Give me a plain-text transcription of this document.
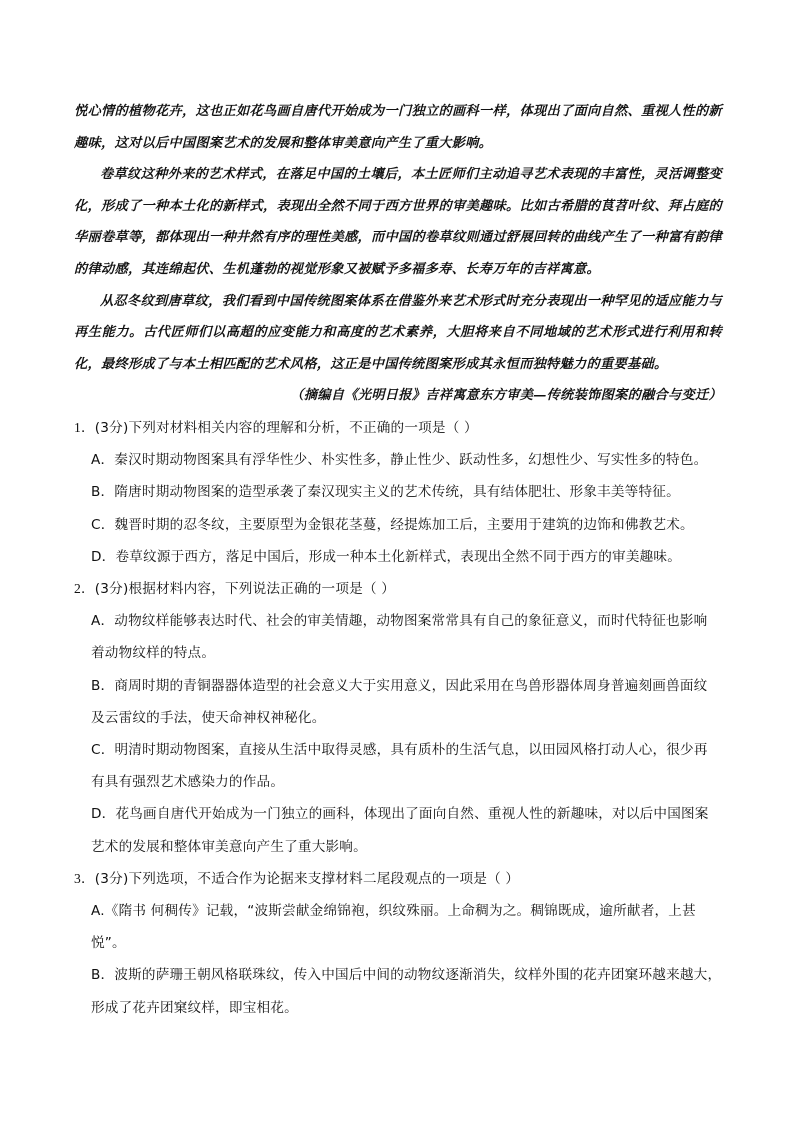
悦心情的植物花卉，这也正如花鸟画自唐代开始成为一门独立的画科一样，体现出了面向自然、重视人性的新趣味，这对以后中国图案艺术的发展和整体审美意向产生了重大影响。

卷草纹这种外来的艺术样式，在落足中国的土壤后，本土匠师们主动追寻艺术表现的丰富性，灵活调整变化，形成了一种本土化的新样式，表现出全然不同于西方世界的审美趣味。比如古希腊的茛苕叶纹、拜占庭的华丽卷草等，都体现出一种井然有序的理性美感，而中国的卷草纹则通过舒展回转的曲线产生了一种富有韵律的律动感，其连绵起伏、生机蓬勃的视觉形象又被赋予多福多寿、长寿万年的吉祥寓意。

从忍冬纹到唐草纹，我们看到中国传统图案体系在借鉴外来艺术形式时充分表现出一种罕见的适应能力与再生能力。古代匠师们以高超的应变能力和高度的艺术素养，大胆将来自不同地域的艺术形式进行利用和转化，最终形成了与本土相匹配的艺术风格，这正是中国传统图案形成其永恒而独特魅力的重要基础。

（摘编自《光明日报》吉祥寓意东方审美—传统装饰图案的融合与变迁）

1．(3分)下列对材料相关内容的理解和分析，不正确的一项是（ ）

A．秦汉时期动物图案具有浮华性少、朴实性多，静止性少、跃动性多，幻想性少、写实性多的特色。

B．隋唐时期动物图案的造型承袭了秦汉现实主义的艺术传统，具有结体肥壮、形象丰美等特征。

C．魏晋时期的忍冬纹，主要原型为金银花茎蔓，经提炼加工后，主要用于建筑的边饰和佛教艺术。

D．卷草纹源于西方，落足中国后，形成一种本土化新样式，表现出全然不同于西方的审美趣味。

2．(3分)根据材料内容，下列说法正确的一项是（ ）

A．动物纹样能够表达时代、社会的审美情趣，动物图案常常具有自己的象征意义，而时代特征也影响
着动物纹样的特点。

B．商周时期的青铜器器体造型的社会意义大于实用意义，因此采用在鸟兽形器体周身普遍刻画兽面纹
及云雷纹的手法，使天命神权神秘化。

C．明清时期动物图案，直接从生活中取得灵感，具有质朴的生活气息，以田园风格打动人心，很少再
有具有强烈艺术感染力的作品。

D．花鸟画自唐代开始成为一门独立的画科，体现出了面向自然、重视人性的新趣味，对以后中国图案
艺术的发展和整体审美意向产生了重大影响。

3．(3分)下列选项，不适合作为论据来支撑材料二尾段观点的一项是（ ）

A.《隋书 何稠传》记载，“波斯尝献金绵锦袍，织纹殊丽。上命稠为之。稠锦既成，逾所献者，上甚
悦”。

B．波斯的萨珊王朝风格联珠纹，传入中国后中间的动物纹逐渐消失，纹样外围的花卉团窠环越来越大，
形成了花卉团窠纹样，即宝相花。
